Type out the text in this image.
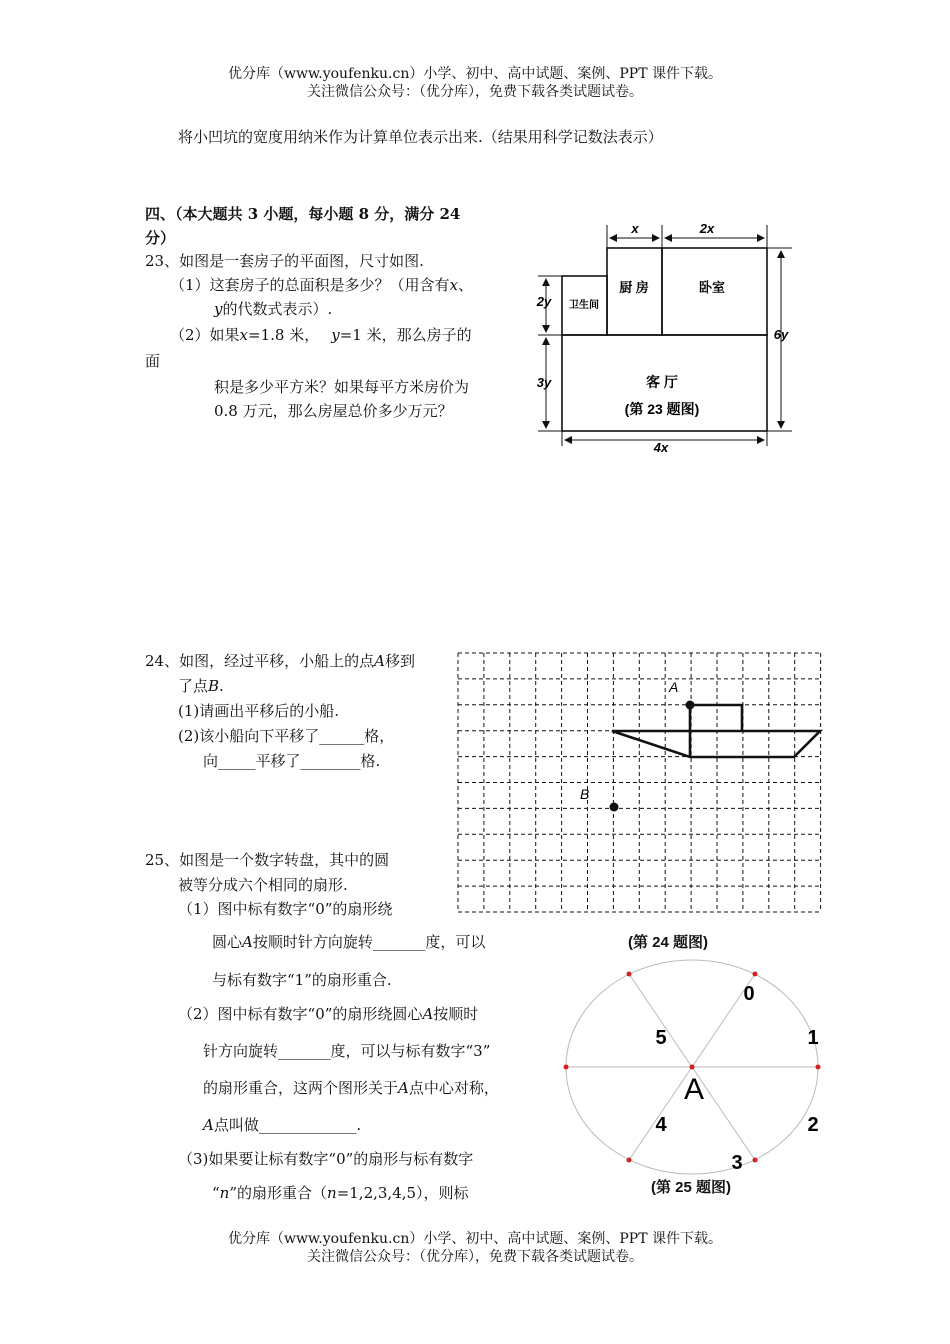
优分库（www.youfenku.cn）小学、初中、高中试题、案例、PPT 课件下载。
关注微信公众号：（优分库），免费下载各类试题试卷。
将小凹坑的宽度用纳米作为计算单位表示出来.（结果用科学记数法表示）
四、（本大题共 3 小题，每小题 8 分，满分 24
分）
23、如图是一套房子的平面图，尺寸如图.
（1）这套房子的总面积是多少？（用含有x、
y的代数式表示）.
（2）如果x=1.8 米， y=1 米，那么房子的
面
积是多少平方米？如果每平方米房价为
0.8 万元，那么房屋总价多少万元？
x	2x
2y
3y
6y
4x
卫生间
厨 房	卧室
客 厅
(第 23 题图)
24、如图，经过平移，小船上的点A移到
了点B.
(1)请画出平移后的小船.
(2)该小船向下平移了______格，
向_____平移了________格.
A
B
(第 24 题图)
25、如图是一个数字转盘，其中的圆
被等分成六个相同的扇形.
（1）图中标有数字“0”的扇形绕
圆心A按顺时针方向旋转_______度，可以
与标有数字“1”的扇形重合.
（2）图中标有数字“0”的扇形绕圆心A按顺时
针方向旋转_______度，可以与标有数字“3”
的扇形重合，这两个图形关于A点中心对称，
A点叫做_____________.
（3)如果要让标有数字“0”的扇形与标有数字
“n”的扇形重合（n=1,2,3,4,5），则标
A
0
1
2
3
4
5
(第 25 题图)
优分库（www.youfenku.cn）小学、初中、高中试题、案例、PPT 课件下载。
关注微信公众号：（优分库），免费下载各类试题试卷。
